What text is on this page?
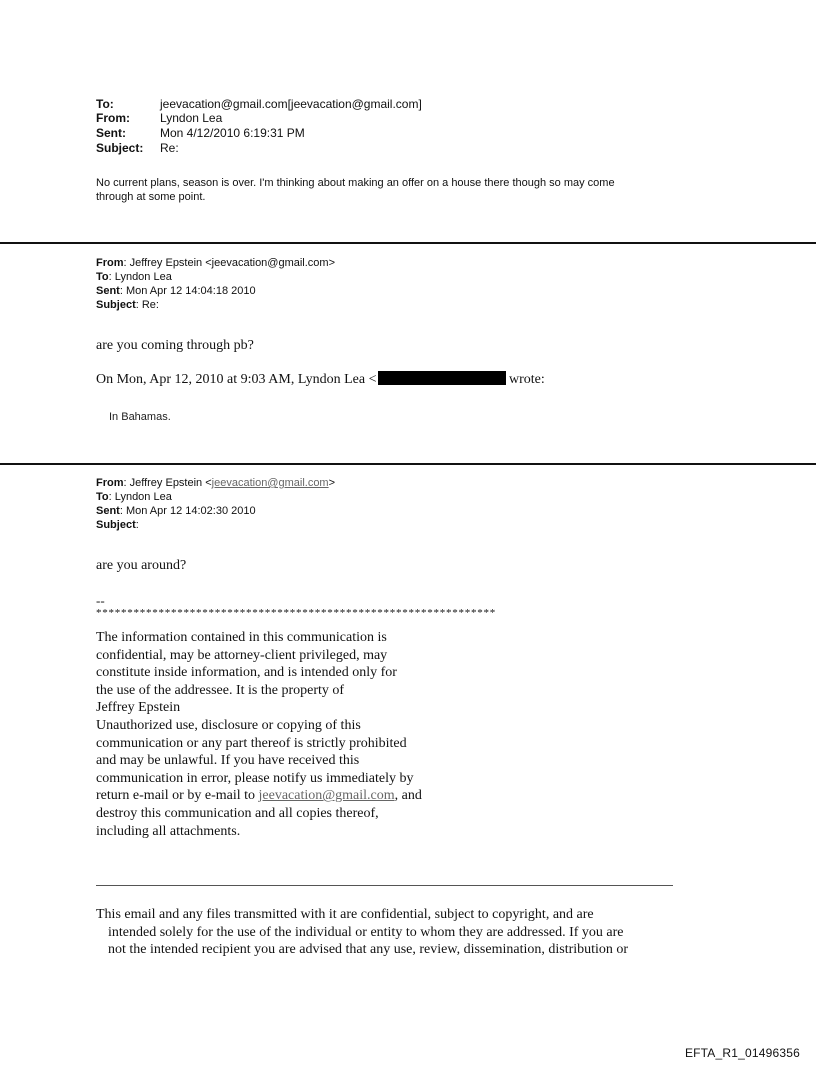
To:	jeevacation@gmail.com[jeevacation@gmail.com]
From:	Lyndon Lea
Sent:	Mon 4/12/2010 6:19:31 PM
Subject: Re:
No current plans, season is over. I'm thinking about making an offer on a house there though so may come
through at some point.
From: Jeffrey Epstein <jeevacation@gmail.com>
To: Lyndon Lea
Sent: Mon Apr 12 14:04:18 2010
Subject: Re:
are you coming through pb?
On Mon, Apr 12, 2010 at 9:03 AM, Lyndon Lea <	wrote:
In Bahamas.
From: Jeffrey Epstein <jeevacation@gmail.com>
To: Lyndon Lea
Sent: Mon Apr 12 14:02:30 2010
Subject:
are you around?
--
****************************************************************

The information contained in this communication is

confidential, may be attorney-client privileged, may

constitute inside information, and is intended only for

the use of the addressee. It is the property of

Jeffrey Epstein

Unauthorized use, disclosure or copying of this

communication or any part thereof is strictly prohibited

and may be unlawful. If you have received this

communication in error, please notify us immediately by

return e-mail or by e-mail to jeevacation@gmail.com, and

destroy this communication and all copies thereof,

including all attachments.

This email and any files transmitted with it are confidential, subject to copyright, and are
intended solely for the use of the individual or entity to whom they are addressed. If you are
not the intended recipient you are advised that any use, review, dissemination, distribution or
EFTA_R1_01496356
